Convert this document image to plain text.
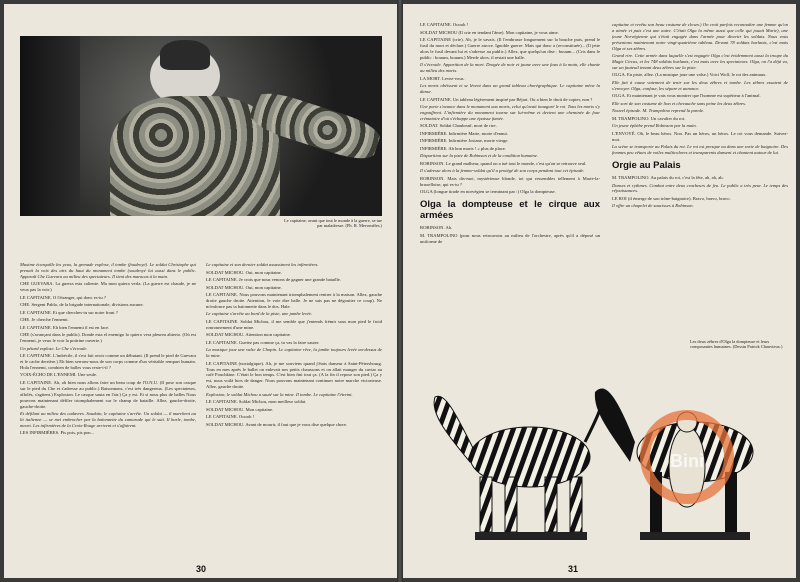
Le capitaine, avant que tout le monde à la guerre, se tue par maladresse. (Ph. R. Mevomèles.)

Maxime écarquille les yeux, la grenade explose, il tombe (foudroyé). Le soldat Christophe qui prenait la voix des airs du haut du monument tombe (soudroyé lui aussi dans le public. Apparaît Che Guevara au milieu des spectateurs. Il tient des maracas à la main.

CHE GUEVARA. La guerra esta caliente. Ma mon quiera verla. (La guerre est chaude, je ne veux pas la voir.)

LE CAPITAINE. O l'étranger, qui donc es-tu ?

CHE. Sergent Pablo, de la brigade internationale, divisions aucune.

LE CAPITAINE. Et que cherches-tu sur notre front ?

CHE. Je cherche l'ennemi.

LE CAPITAINE. Eh bien l'ennemi il est en face.

CHE (s'avançant dans le public). Donde esta el enemigo lo quiero vera pleurea abierto. (Où est l'ennemi, je veux le voir la poitrine ouverte.)

Un pétard explose. Le Che s'écroule.

LE CAPITAINE. L'imbécile, il s'est fait avoir comme un débutant. (Il prend le pied de Guevara et le cache derrière.) Eh bien serrons-nous de son corps comme d'un véritable rempart humain. Hola l'ennemi, combien de balles vous reste-t-il ?

VOIX-ÉCHO DE L'ENNEMI. Une seule.

LE CAPITAINE. Ah, oh bien nous allons faire un beau coup de l'O.N.U. (Il pose son casque sur le pied du Che et s'adresse au public.) Raisonnons, c'est très dangereux. (Les spectateurs, affolés, s'agitent.) Explosion. Le casque sauta en l'air.) Ça y est. Et si nous plus de balles Nous pouvons maintenant défiler triomphalement sur le champ de bataille. Allez, gauche-droite, gauche-droite.

Et défilant au milieu des cadavres. Soudain, le capitaine s'arrête. Un soldat — il marchent au lit italienne — se met embrocher par la baïonnette du camarade qui le suit. Il hurle, tombe, meurt. Les infirmières de la Croix-Rouge arrivent et s'affairent.

LES INFIRMIÈRES. Pis pois, pis pon...

Le capitaine et son dernier soldat assassinent les infirmières.

SOLDAT MICHOU. Oui, mon capitaine.

LE CAPITAINE. Je crois que nous venons de gagner une grande bataille.

SOLDAT MICHOU. Oui, mon capitaine.

LE CAPITAINE. Nous pouvons maintenant triomphalement rentrer à la maison. Allez, gauche droite gauche droite. Attention, le voie dire balle. Je ne sais pas ne dégoutter ce coup). Ne m'enfonce pas ta baïonnette dans le dos. Hale.

Le capitaine s'arrête au bord de la piste, une jambe levée.

LE CAPITAINE. Soldat Michou, il me semble que j'entends frémir sous mon pied le froid ronronnement d'une mine.

SOLDAT MICHOU. Attention mon capitaine.

LE CAPITAINE. Guetez pas comme ça, tu vas la faire sauter.

La musique joue une valse de Chopin. Le capitaine rêve, la jambe toujours levée au-dessus de la mine.

LE CAPITAINE (nostalgique). Ah, je me souviens quand j'étais danseur à Saint-Pétersbourg. Tous en mes après le ballet on enlevait nos petits chaussons et on allait manger du caviar au café Pouchkine. C'était le bon temps. C'est bien fini tout ça. (A la fin il repose son pied.) Ça y est, nous voilà hors de danger. Nous pouvons maintenant continuer notre marche victorieuse. Allez, gauche droite.

Explosion, le soldat Michou a sauté sur la mine. Il tombe. Le capitaine l'étreint.

LE CAPITAINE. Soldat Michou, mon meilleur soldat.

SOLDAT MICHOU. Mon capitaine.

LE CAPITAINE. Ooooh !

SOLDAT MICHOU. Avant de mourir, il faut que je vous dise quelque chore.

30

LE CAPITAINE. Ooooh !

SOLDAT MICHOU (Il crie en tendant l'âme). Mon capitaine, je vous aime.

LE CAPITAINE (crie). Ah, je le savais. (Il l'embrasse longuement sur la bouche puis, prend le fusil du mort et déclare.) Guerre atroce. Ignoble guerre. Mais qui donc a (reconstituée)... (Il jette alors le fusil devant lui et s'adresse au public.) Allez, que quelqu'un dise : bouum... (Cris dans le public : bouum, bouum.) Merde alors, il restait une balle.

Il s'écroule. Apparition de la mort. Dragée de noir et jaune avec une faux à la main, elle chante au milieu des morts.

LA MORT. Levez-vous.

Les morts obéissent et se lèvent dans un grand tableau chorégraphique. Le capitaine mène la danse.

LE CAPITAINE. Un tableau légèrement inspiré par Béjart. Ou a bien le droit de copier, non ?

Une porte s'avance dans le monument aux morts, celui qu'avait inauguré le roi. Tous les morts s'y engouffrent. L'infirmière du monument tourne sur lui-même et devient une cheminée de four crématoire d'où s'échappe une épaisse fumée.

SOLDAT. Soldat Chaubrsnf, mort de rire.

INFIRMIÈRE. Infirmière Marie, morte d'ennui.

INFIRMIÈRE. Infirmière Josiane, morte vierge.

INFIRMIÈRE. Ah bon morts ! « plus de place.

Disparition sur la piste de Robinson et de la condition humaine.

ROBINSON. Le grand malheur, quand on a tué tout le monde, c'est qu'on se retrouve seul.

Il s'adresse alors à la femme-soldat qu'il a protégé de son corps pendant tout cet épisode.

ROBINSON. Mais dis-moi, mystérieuse blonde, toi qui ressembles tellement à Marie-la-bruxelloise, qui es-tu ?

OLGA (longue tirade en norvégien se terminant par :) Olga la dompteuse.

Olga la dompteuse et le cirque aux armées

ROBINSON. Ah.

M. TRAMPOLINO (pour nous retrouvons au milieu de l'orchestre, après qu'il a déposé un uniforme de

capitaine et revêtu son beau costume de clown.) On croit parfois reconnaître une femme qu'on a aimée et puis c'est une autre. C'était Olga la même aussi que celle qui jouait Marie), une jeune Norvégienne qui s'était engagée dans l'armée pour divertir les soldats. Nous vous présentons maintenant notre vingt-quatrième tableau. Devant 78 soldats hurlants, c'est mais Olga et ses zèbres.

Grand rire. Cette armée dans laquelle s'est engagée Olga c'est évidemment aussi la troupe du Magic Circus, et les 748 soldats hurlants, c'est mais avec les spectateurs. Olga, on l'a déjà vu, sur un fauteuil tenant deux zèbres sur la piste.

OLGA. En piste, allez. (La musique joue une valse.) Voici Wolf, le roi des animaux.

Elle fait à cause vaiement de tenir sur les deux zèbres et tombe. Les zèbres essaient de s'envoyer. Olga, confuse, les sépare et annonce.

OLGA. Et maintenant je vais vous montrer que l'homme est supérieur à l'animal.

Elle sort de son costume de lion et chevauche sans peine les deux zèbres.

Nouvel épisode. M. Trampolino reprend la parole.

M. TRAMPOLINO. Un cavalier du roi.

Un jeune éphèbe prend Robinson par la main.

L'ENVOYÉ. Oh, le beau héros. Non. Pas un héros, un héros. Le roi vous demande. Suivez-moi.

La scène se transporte au Palais du roi. Le roi est presque nu dans une sorte de baignoire. Des femmes peu vêtues de voiles multicolores et transparents dansent et chantent autour de lui.

Orgie au Palais

M. TRAMPOLINO. Au palais du roi, c'est la fête, ah, ah, ah.

Danses et rythmes. Combat entre deux cracheurs de feu. Le public a très peur. Le temps des réjouissances.

LE ROI (il émerge de son trône-baignoire). Bravo, bravo, bravo.

Il offre un chapelet de saucisses à Robinson.

Les deux zèbres d'Olga la dompteuse et leurs composantes humaines. (Dessin Patrick Chauvieux.)
Bini
31
